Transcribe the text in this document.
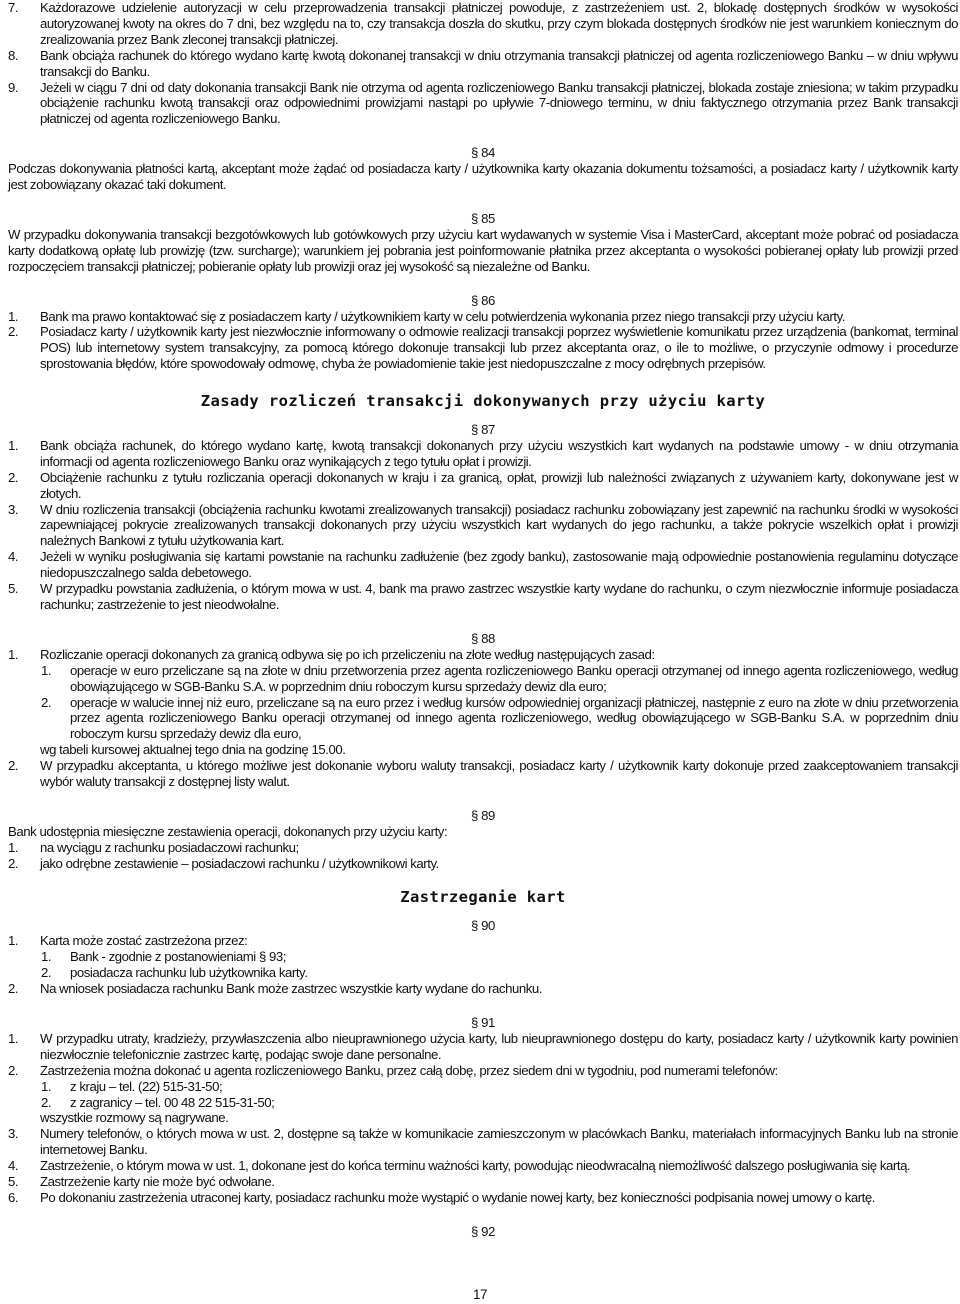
7. Każdorazowe udzielenie autoryzacji w celu przeprowadzenia transakcji płatniczej powoduje, z zastrzeżeniem ust. 2, blokadę dostępnych środków w wysokości autoryzowanej kwoty na okres do 7 dni, bez względu na to, czy transakcja doszła do skutku, przy czym blokada dostępnych środków nie jest warunkiem koniecznym do zrealizowania przez Bank zleconej transakcji płatniczej.
8. Bank obciąża rachunek do którego wydano kartę kwotą dokonanej transakcji w dniu otrzymania transakcji płatniczej od agenta rozliczeniowego Banku – w dniu wpływu transakcji do Banku.
9. Jeżeli w ciągu 7 dni od daty dokonania transakcji Bank nie otrzyma od agenta rozliczeniowego Banku transakcji płatniczej, blokada zostaje zniesiona; w takim przypadku obciążenie rachunku kwotą transakcji oraz odpowiednimi prowizjami nastąpi po upływie 7-dniowego terminu, w dniu faktycznego otrzymania przez Bank transakcji płatniczej od agenta rozliczeniowego Banku.

§ 84

Podczas dokonywania płatności kartą, akceptant może żądać od posiadacza karty / użytkownika karty okazania dokumentu tożsamości, a posiadacz karty / użytkownik karty jest zobowiązany okazać taki dokument.

§ 85

W przypadku dokonywania transakcji bezgotówkowych lub gotówkowych przy użyciu kart wydawanych w systemie Visa i MasterCard, akceptant może pobrać od posiadacza karty dodatkową opłatę lub prowizję (tzw. surcharge); warunkiem jej pobrania jest poinformowanie płatnika przez akceptanta o wysokości pobieranej opłaty lub prowizji przed rozpoczęciem transakcji płatniczej; pobieranie opłaty lub prowizji oraz jej wysokość są niezależne od Banku.

§ 86

1. Bank ma prawo kontaktować się z posiadaczem karty / użytkownikiem karty w celu potwierdzenia wykonania przez niego transakcji przy użyciu karty.
2. Posiadacz karty / użytkownik karty jest niezwłocznie informowany o odmowie realizacji transakcji poprzez wyświetlenie komunikatu przez urządzenia (bankomat, terminal POS) lub internetowy system transakcyjny, za pomocą którego dokonuje transakcji lub przez akceptanta oraz, o ile to możliwe, o przyczynie odmowy i procedurze sprostowania błędów, które spowodowały odmowę, chyba że powiadomienie takie jest niedopuszczalne z mocy odrębnych przepisów.

Zasady rozliczeń transakcji dokonywanych przy użyciu karty

§ 87

1. Bank obciąża rachunek, do którego wydano kartę, kwotą transakcji dokonanych przy użyciu wszystkich kart wydanych na podstawie umowy - w dniu otrzymania informacji od agenta rozliczeniowego Banku oraz wynikających z tego tytułu opłat i prowizji.
2. Obciążenie rachunku z tytułu rozliczania operacji dokonanych w kraju i za granicą, opłat, prowizji lub należności związanych z używaniem karty, dokonywane jest w złotych.
3. W dniu rozliczenia transakcji (obciążenia rachunku kwotami zrealizowanych transakcji) posiadacz rachunku zobowiązany jest zapewnić na rachunku środki w wysokości zapewniającej pokrycie zrealizowanych transakcji dokonanych przy użyciu wszystkich kart wydanych do jego rachunku, a także pokrycie wszelkich opłat i prowizji należnych Bankowi z tytułu użytkowania kart.
4. Jeżeli w wyniku posługiwania się kartami powstanie na rachunku zadłużenie (bez zgody banku), zastosowanie mają odpowiednie postanowienia regulaminu dotyczące niedopuszczalnego salda debetowego.
5. W przypadku powstania zadłużenia, o którym mowa w ust. 4, bank ma prawo zastrzec wszystkie karty wydane do rachunku, o czym niezwłocznie informuje posiadacza rachunku; zastrzeżenie to jest nieodwołalne.

§ 88

1. Rozliczanie operacji dokonanych za granicą odbywa się po ich przeliczeniu na złote według następujących zasad:
1. operacje w euro przeliczane są na złote w dniu przetworzenia przez agenta rozliczeniowego Banku operacji otrzymanej od innego agenta rozliczeniowego, według obowiązującego w SGB-Banku S.A. w poprzednim dniu roboczym kursu sprzedaży dewiz dla euro;
2. operacje w walucie innej niż euro, przeliczane są na euro przez i według kursów odpowiedniej organizacji płatniczej, następnie z euro na złote w dniu przetworzenia przez agenta rozliczeniowego Banku operacji otrzymanej od innego agenta rozliczeniowego, według obowiązującego w SGB-Banku S.A. w poprzednim dniu roboczym kursu sprzedaży dewiz dla euro,

wg tabeli kursowej aktualnej tego dnia na godzinę 15.00.

2. W przypadku akceptanta, u którego możliwe jest dokonanie wyboru waluty transakcji, posiadacz karty / użytkownik karty dokonuje przed zaakceptowaniem transakcji wybór waluty transakcji z dostępnej listy walut.

§ 89

Bank udostępnia miesięczne zestawienia operacji, dokonanych przy użyciu karty:

1. na wyciągu z rachunku posiadaczowi rachunku;
2. jako odrębne zestawienie – posiadaczowi rachunku / użytkownikowi karty.

Zastrzeganie kart

§ 90

1. Karta może zostać zastrzeżona przez:
1. Bank - zgodnie z postanowieniami § 93;
2. posiadacza rachunku lub użytkownika karty.
2. Na wniosek posiadacza rachunku Bank może zastrzec wszystkie karty wydane do rachunku.

§ 91

1. W przypadku utraty, kradzieży, przywłaszczenia albo nieuprawnionego użycia karty, lub nieuprawnionego dostępu do karty, posiadacz karty / użytkownik karty powinien niezwłocznie telefonicznie zastrzec kartę, podając swoje dane personalne.
2. Zastrzeżenia można dokonać u agenta rozliczeniowego Banku, przez całą dobę, przez siedem dni w tygodniu, pod numerami telefonów:
1. z kraju – tel. (22) 515-31-50;
2. z zagranicy – tel. 00 48 22 515-31-50;

wszystkie rozmowy są nagrywane.

3. Numery telefonów, o których mowa w ust. 2, dostępne są także w komunikacie zamieszczonym w placówkach Banku, materiałach informacyjnych Banku lub na stronie internetowej Banku.
4. Zastrzeżenie, o którym mowa w ust. 1, dokonane jest do końca terminu ważności karty, powodując nieodwracalną niemożliwość dalszego posługiwania się kartą.
5. Zastrzeżenie karty nie może być odwołane.
6. Po dokonaniu zastrzeżenia utraconej karty, posiadacz rachunku może wystąpić o wydanie nowej karty, bez konieczności podpisania nowej umowy o kartę.

§ 92

17
